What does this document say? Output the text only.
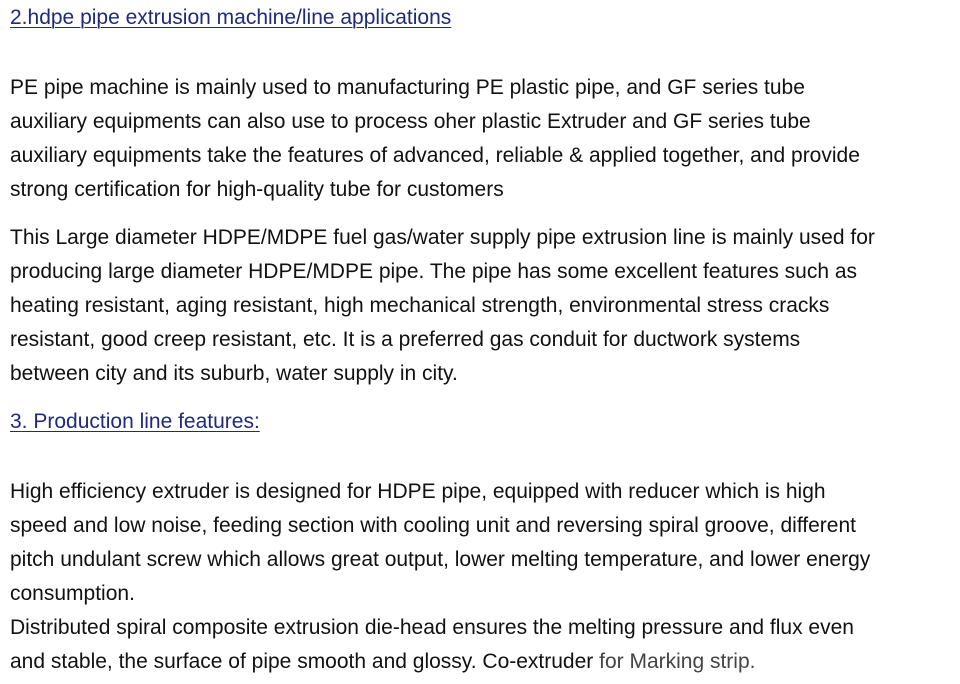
2.hdpe pipe extrusion machine/line applications

PE pipe machine is mainly used to manufacturing PE plastic pipe, and GF series tube
auxiliary equipments can also use to process oher plastic Extruder and GF series tube
auxiliary equipments take the features of advanced, reliable & applied together, and provide
strong certification for high-quality tube for customers

This Large diameter HDPE/MDPE fuel gas/water supply pipe extrusion line is mainly used for
producing large diameter HDPE/MDPE pipe. The pipe has some excellent features such as
heating resistant, aging resistant, high mechanical strength, environmental stress cracks
resistant, good creep resistant, etc. It is a preferred gas conduit for ductwork systems
between city and its suburb, water supply in city.

3. Production line features:

High efficiency extruder is designed for HDPE pipe, equipped with reducer which is high
speed and low noise, feeding section with cooling unit and reversing spiral groove, different
pitch undulant screw which allows great output, lower melting temperature, and lower energy
consumption.

Distributed spiral composite extrusion die-head ensures the melting pressure and flux even
and stable, the surface of pipe smooth and glossy. Co-extruder for Marking strip.
